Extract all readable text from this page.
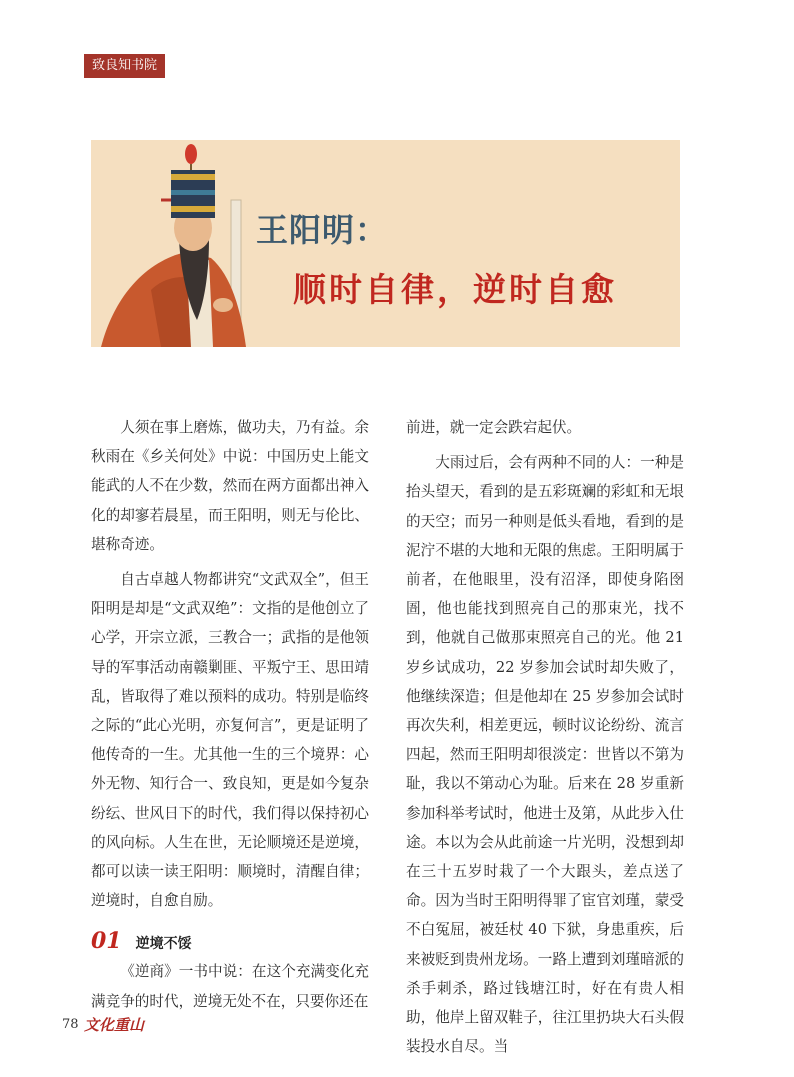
致良知书院
王阳明：
顺时自律，逆时自愈

人须在事上磨炼，做功夫，乃有益。余秋雨在《乡关何处》中说：中国历史上能文能武的人不在少数，然而在两方面都出神入化的却寥若晨星，而王阳明，则无与伦比、堪称奇迹。

自古卓越人物都讲究“文武双全”，但王阳明是却是“文武双绝”：文指的是他创立了心学，开宗立派，三教合一；武指的是他领导的军事活动南赣剿匪、平叛宁王、思田靖乱，皆取得了难以预料的成功。特别是临终之际的“此心光明，亦复何言”，更是证明了他传奇的一生。尤其他一生的三个境界：心外无物、知行合一、致良知，更是如今复杂纷纭、世风日下的时代，我们得以保持初心的风向标。人生在世，无论顺境还是逆境，都可以读一读王阳明：顺境时，清醒自律；逆境时，自愈自励。

01 逆境不馁

《逆商》一书中说：在这个充满变化充满竞争的时代，逆境无处不在，只要你还在

前进，就一定会跌宕起伏。

大雨过后，会有两种不同的人：一种是抬头望天，看到的是五彩斑斓的彩虹和无垠的天空；而另一种则是低头看地，看到的是泥泞不堪的大地和无限的焦虑。王阳明属于前者，在他眼里，没有沼泽，即使身陷囹圄，他也能找到照亮自己的那束光，找不到，他就自己做那束照亮自己的光。他 21 岁乡试成功，22 岁参加会试时却失败了，他继续深造；但是他却在 25 岁参加会试时再次失利，相差更远，顿时议论纷纷、流言四起，然而王阳明却很淡定：世皆以不第为耻，我以不第动心为耻。后来在 28 岁重新参加科举考试时，他进士及第，从此步入仕途。本以为会从此前途一片光明，没想到却在三十五岁时栽了一个大跟头，差点送了命。因为当时王阳明得罪了宦官刘瑾，蒙受不白冤屈，被廷杖 40 下狱，身患重疾，后来被贬到贵州龙场。一路上遭到刘瑾暗派的杀手刺杀，路过钱塘江时，好在有贵人相助，他岸上留双鞋子，往江里扔块大石头假装投水自尽。当

78 文化重山
